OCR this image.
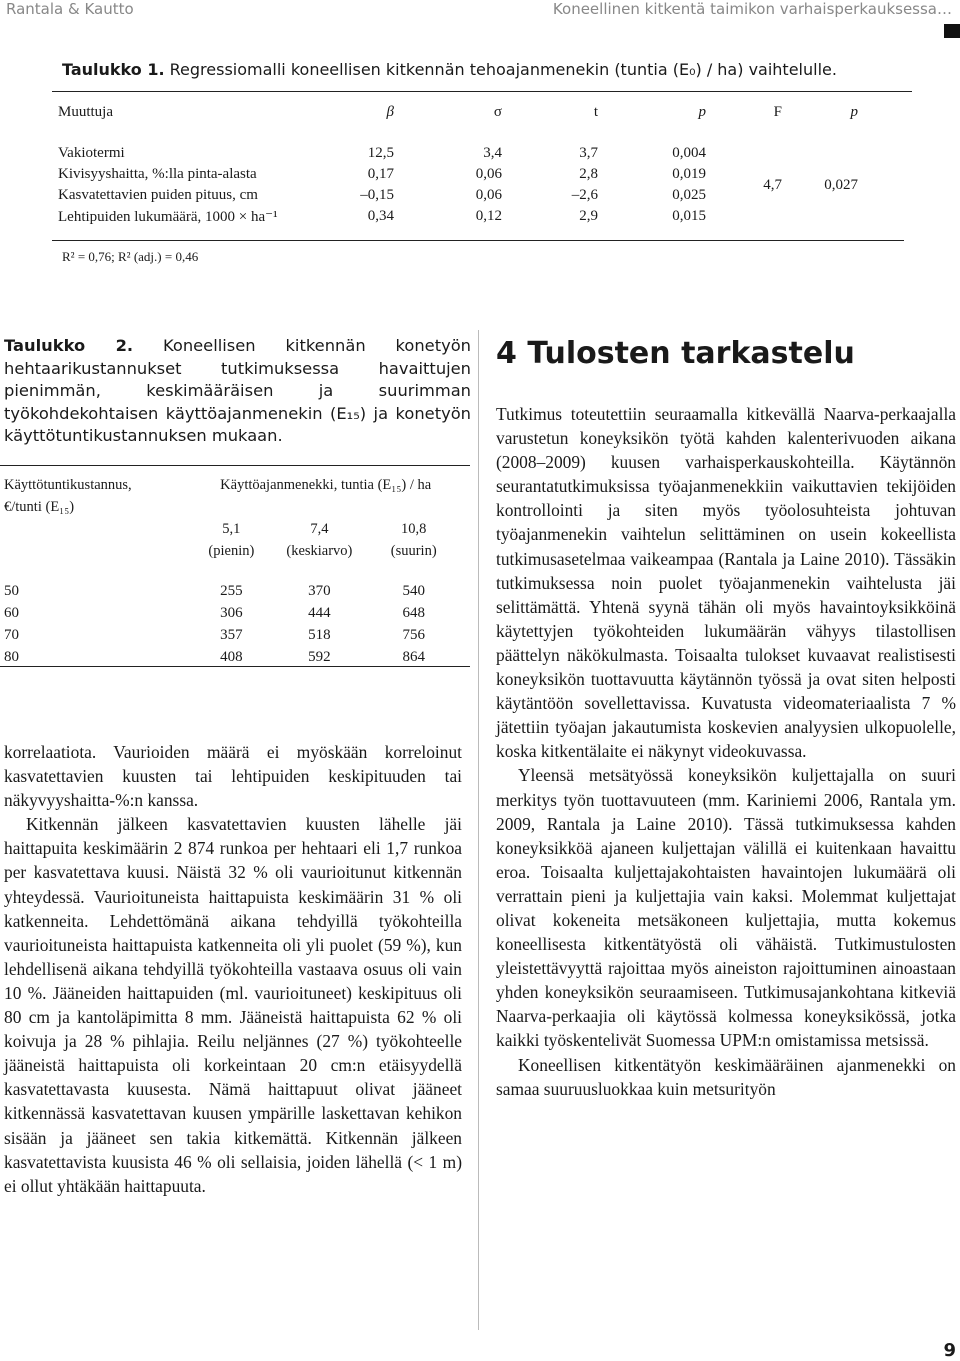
Rantala & Kautto	Koneellinen kitkentä taimikon varhaisperkauksessa…
Taulukko 1. Regressiomalli koneellisen kitkennän tehoajanmenekin (tuntia (E₀) / ha) vaihtelulle.
Muuttuja	β	σ	t	p	F	p

Vakiotermi	12,5	3,4	3,7	0,004	4,7	0,027
Kivisyyshaitta, %:lla pinta-alasta	0,17	0,06	2,8	0,019		
Kasvatettavien puiden pituus, cm	–0,15	0,06	–2,6	0,025		
Lehtipuiden lukumäärä, 1000 × ha⁻¹	0,34	0,12	2,9	0,015		
R² = 0,76; R² (adj.) = 0,46
Taulukko 2. Koneellisen kitkennän konetyön hehtaarikustannukset tutkimuksessa havaittujen pienimmän, keskimääräisen ja suurimman työkohdekohtaisen käyttöajanmenekin (E₁₅) ja konetyön käyttötuntikustannuksen mukaan.
Käyttötuntikustannus,	Käyttöajanmenekki, tuntia (E₁₅) / ha		
€/tunti (E₁₅)			
	5,1	7,4	10,8
	(pienin)	(keskiarvo)	(suurin)

50	255	370	540
60	306	444	648
70	357	518	756
80	408	592	864

korrelaatiota. Vaurioiden määrä ei myöskään korreloinut kasvatettavien kuusten tai lehtipuiden keskipituuden tai näkyvyyshaitta-%:n kanssa.

Kitkennän jälkeen kasvatettavien kuusten lähelle jäi haittapuita keskimäärin 2 874 runkoa per hehtaari eli 1,7 runkoa per kasvatettava kuusi. Näistä 32 % oli vaurioitunut kitkennän yhteydessä. Vaurioituneista haittapuista keskimäärin 31 % oli katkenneita. Lehdettömänä aikana tehdyillä työkohteilla vaurioituneista haittapuista katkenneita oli yli puolet (59 %), kun lehdellisenä aikana tehdyillä työkohteilla vastaava osuus oli vain 10 %. Jääneiden haittapuiden (ml. vaurioituneet) keskipituus oli 80 cm ja kantoläpimitta 8 mm. Jääneistä haittapuista 62 % oli koivuja ja 28 % pihlajia. Reilu neljännes (27 %) työkohteelle jääneistä haittapuista oli korkeintaan 20 cm:n etäisyydellä kasvatettavasta kuusesta. Nämä haittapuut olivat jääneet kitkennässä kasvatettavan kuusen ympärille laskettavan kehikon sisään ja jääneet sen takia kitkemättä. Kitkennän jälkeen kasvatettavista kuusista 46 % oli sellaisia, joiden lähellä (< 1 m) ei ollut yhtäkään haittapuuta.

4 Tulosten tarkastelu

Tutkimus toteutettiin seuraamalla kitkevällä Naarva-perkaajalla varustetun koneyksikön työtä kahden kalenterivuoden aikana (2008–2009) kuusen varhaisperkauskohteilla. Käytännön seurantatutkimuksissa työajanmenekkiin vaikuttavien tekijöiden kontrollointi ja siten myös työolosuhteista johtuvan työajanmenekin vaihtelun selittäminen on usein kokeellista tutkimusasetelmaa vaikeampaa (Rantala ja Laine 2010). Tässäkin tutkimuksessa noin puolet työajanmenekin vaihtelusta jäi selittämättä. Yhtenä syynä tähän oli myös havaintoyksikköinä käytettyjen työkohteiden lukumäärän vähyys tilastollisen päättelyn näkökulmasta. Toisaalta tulokset kuvaavat realistisesti koneyksikön tuottavuutta käytännön työssä ja ovat siten helposti käytäntöön sovellettavissa. Kuvatusta videomateriaalista 7 % jätettiin työajan jakautumista koskevien analyysien ulkopuolelle, koska kitkentälaite ei näkynyt videokuvassa.

Yleensä metsätyössä koneyksikön kuljettajalla on suuri merkitys työn tuottavuuteen (mm. Kariniemi 2006, Rantala ym. 2009, Rantala ja Laine 2010). Tässä tutkimuksessa kahden koneyksikköä ajaneen kuljettajan välillä ei kuitenkaan havaittu eroa. Toisaalta kuljettajakohtaisten havaintojen lukumäärä oli verrattain pieni ja kuljettajia vain kaksi. Molemmat kuljettajat olivat kokeneita metsäkoneen kuljettajia, mutta kokemus koneellisesta kitkentätyöstä oli vähäistä. Tutkimustulosten yleistettävyyttä rajoittaa myös aineiston rajoittuminen ainoastaan yhden koneyksikön seuraamiseen. Tutkimusajankohtana kitkeviä Naarva-perkaajia oli käytössä kolmessa koneyksikössä, jotka kaikki työskentelivät Suomessa UPM:n omistamissa metsissä.

Koneellisen kitkentätyön keskimääräinen ajanmenekki on samaa suuruusluokkaa kuin metsurityön

9
